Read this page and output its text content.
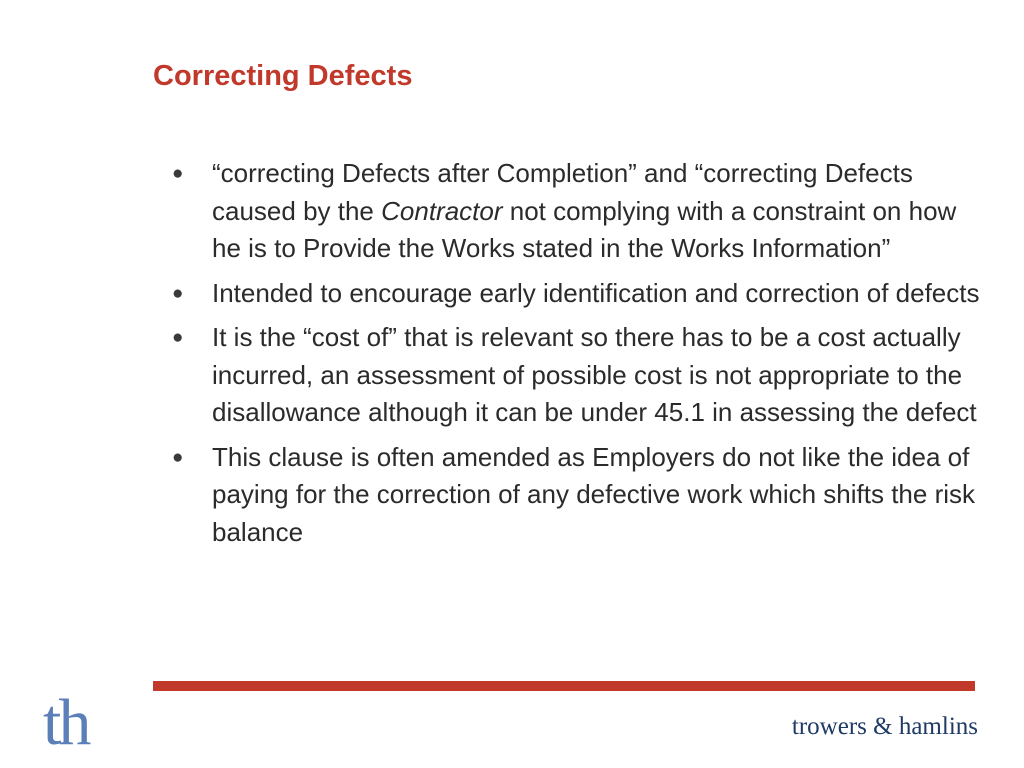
Correcting Defects
●	“correcting Defects after Completion” and “correcting Defects caused by the Contractor not complying with a constraint on how he is to Provide the Works stated in the Works Information”
●	Intended to encourage early identification and correction of defects
●	It is the “cost of” that is relevant so there has to be a cost actually incurred, an assessment of possible cost is not appropriate to the disallowance although it can be under 45.1 in assessing the defect
●	This clause is often amended as Employers do not like the idea of paying for the correction of any defective work which shifts the risk balance
th	trowers & hamlins
